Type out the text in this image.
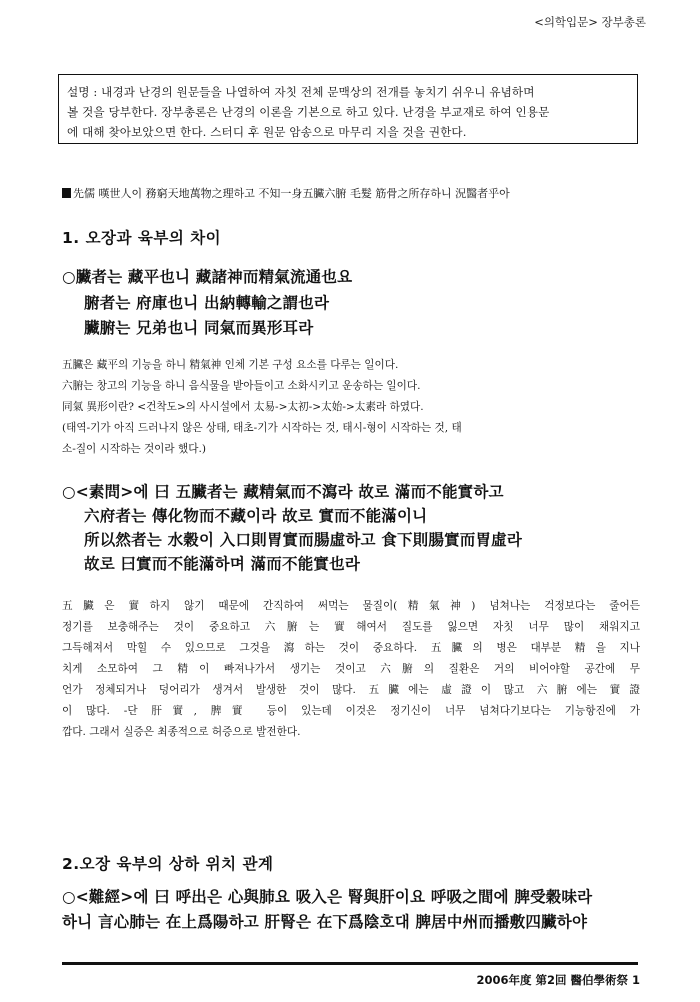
<의학입문> 장부총론
설명 : 내경과 난경의 원문들을 나열하여 자칫 전체 문맥상의 전개를 놓치기 쉬우니 유념하며
볼 것을 당부한다. 장부총론은 난경의 이론을 기본으로 하고 있다. 난경을 부교재로 하여 인용문
에 대해 찾아보았으면 한다. 스터디 후 원문 암송으로 마무리 지을 것을 권한다.
先儒 嘆世人이 務窮天地萬物之理하고 不知一身五臟六腑 毛髮 筋骨之所存하니 況醫者乎아
1. 오장과 육부의 차이
○臟者는 藏平也니 藏諸神而精氣流通也요
腑者는 府庫也니 出納轉輸之謂也라
臟腑는 兄弟也니 同氣而異形耳라
五臟은 藏平의 기능을 하니 精氣神 인체 기본 구성 요소를 다루는 일이다.
六腑는 창고의 기능을 하니 음식물을 받아들이고 소화시키고 운송하는 일이다.
同氣 異形이란? <건착도>의 사시설에서 太易->太初->太始->太素라 하였다.
(태역-기가 아직 드러나지 않은 상태, 태초-기가 시작하는 것, 태시-형이 시작하는 것, 태
소-질이 시작하는 것이라 했다.)
○<素問>에 曰 五臟者는 藏精氣而不瀉라 故로 滿而不能實하고
六府者는 傳化物而不藏이라 故로 實而不能滿이니
所以然者는 水穀이 入口則胃實而腸虛하고 食下則腸實而胃虛라
故로 曰實而不能滿하며 滿而不能實也라
五臟은 實하지 않기 때문에 간직하여 써먹는 물질이(精氣神) 넘쳐나는 걱정보다는 줄어든
정기를 보충해주는 것이 중요하고 六腑는 實해여서 질도를 잃으면 자칫 너무 많이 채워지고
그득해져서 막힐 수 있으므로 그것을 瀉하는 것이 중요하다. 五臟의 병은 대부분 精을 지나
치게 소모하여 그 精이 빠져나가서 생기는 것이고 六腑의 질환은 거의 비어야할 공간에 무
언가 정체되거나 덩어리가 생겨서 발생한 것이 많다. 五臟에는 虛證이 많고 六腑에는 實證
이 많다. -단 肝實, 脾實 등이 있는데 이것은 정기신이 너무 넘쳐다기보다는 기능항진에 가
깝다. 그래서 실증은 최종적으로 허증으로 발전한다.
2.오장 육부의 상하 위치 관계
○<難經>에 曰 呼出은 心與肺요 吸入은 腎與肝이요 呼吸之間에 脾受穀味라
하니 言心肺는 在上爲陽하고 肝腎은 在下爲陰호대 脾居中州而播敷四臟하야
2006年度 第2回 醫伯學術祭 1
